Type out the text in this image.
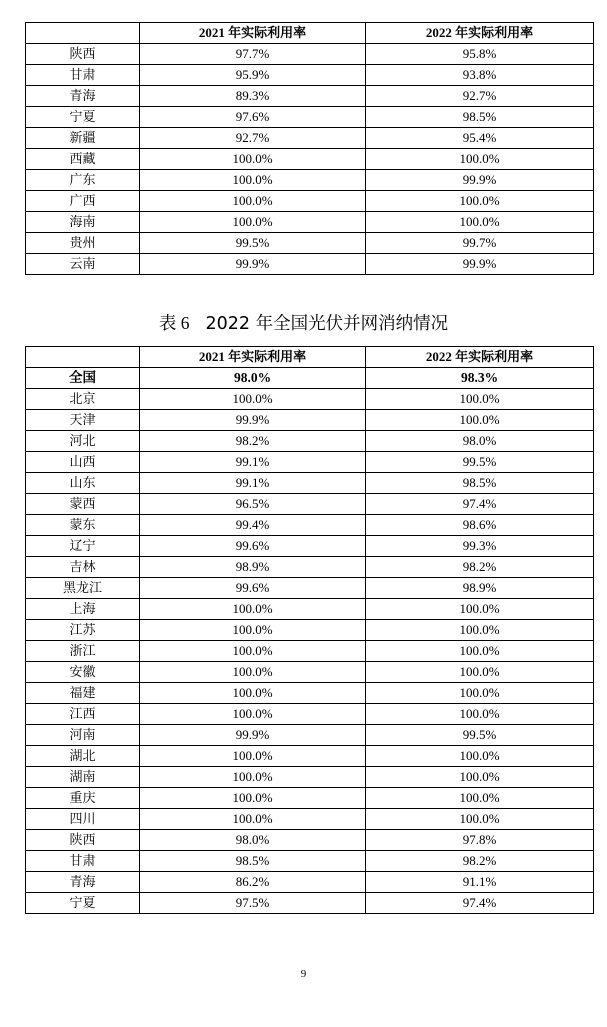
	2021 年实际利用率	2022 年实际利用率
陕西	97.7%	95.8%
甘肃	95.9%	93.8%
青海	89.3%	92.7%
宁夏	97.6%	98.5%
新疆	92.7%	95.4%
西藏	100.0%	100.0%
广东	100.0%	99.9%
广西	100.0%	100.0%
海南	100.0%	100.0%
贵州	99.5%	99.7%
云南	99.9%	99.9%
表 6 2022 年全国光伏并网消纳情况
	2021 年实际利用率	2022 年实际利用率
全国	98.0%	98.3%
北京	100.0%	100.0%
天津	99.9%	100.0%
河北	98.2%	98.0%
山西	99.1%	99.5%
山东	99.1%	98.5%
蒙西	96.5%	97.4%
蒙东	99.4%	98.6%
辽宁	99.6%	99.3%
吉林	98.9%	98.2%
黑龙江	99.6%	98.9%
上海	100.0%	100.0%
江苏	100.0%	100.0%
浙江	100.0%	100.0%
安徽	100.0%	100.0%
福建	100.0%	100.0%
江西	100.0%	100.0%
河南	99.9%	99.5%
湖北	100.0%	100.0%
湖南	100.0%	100.0%
重庆	100.0%	100.0%
四川	100.0%	100.0%
陕西	98.0%	97.8%
甘肃	98.5%	98.2%
青海	86.2%	91.1%
宁夏	97.5%	97.4%
9
